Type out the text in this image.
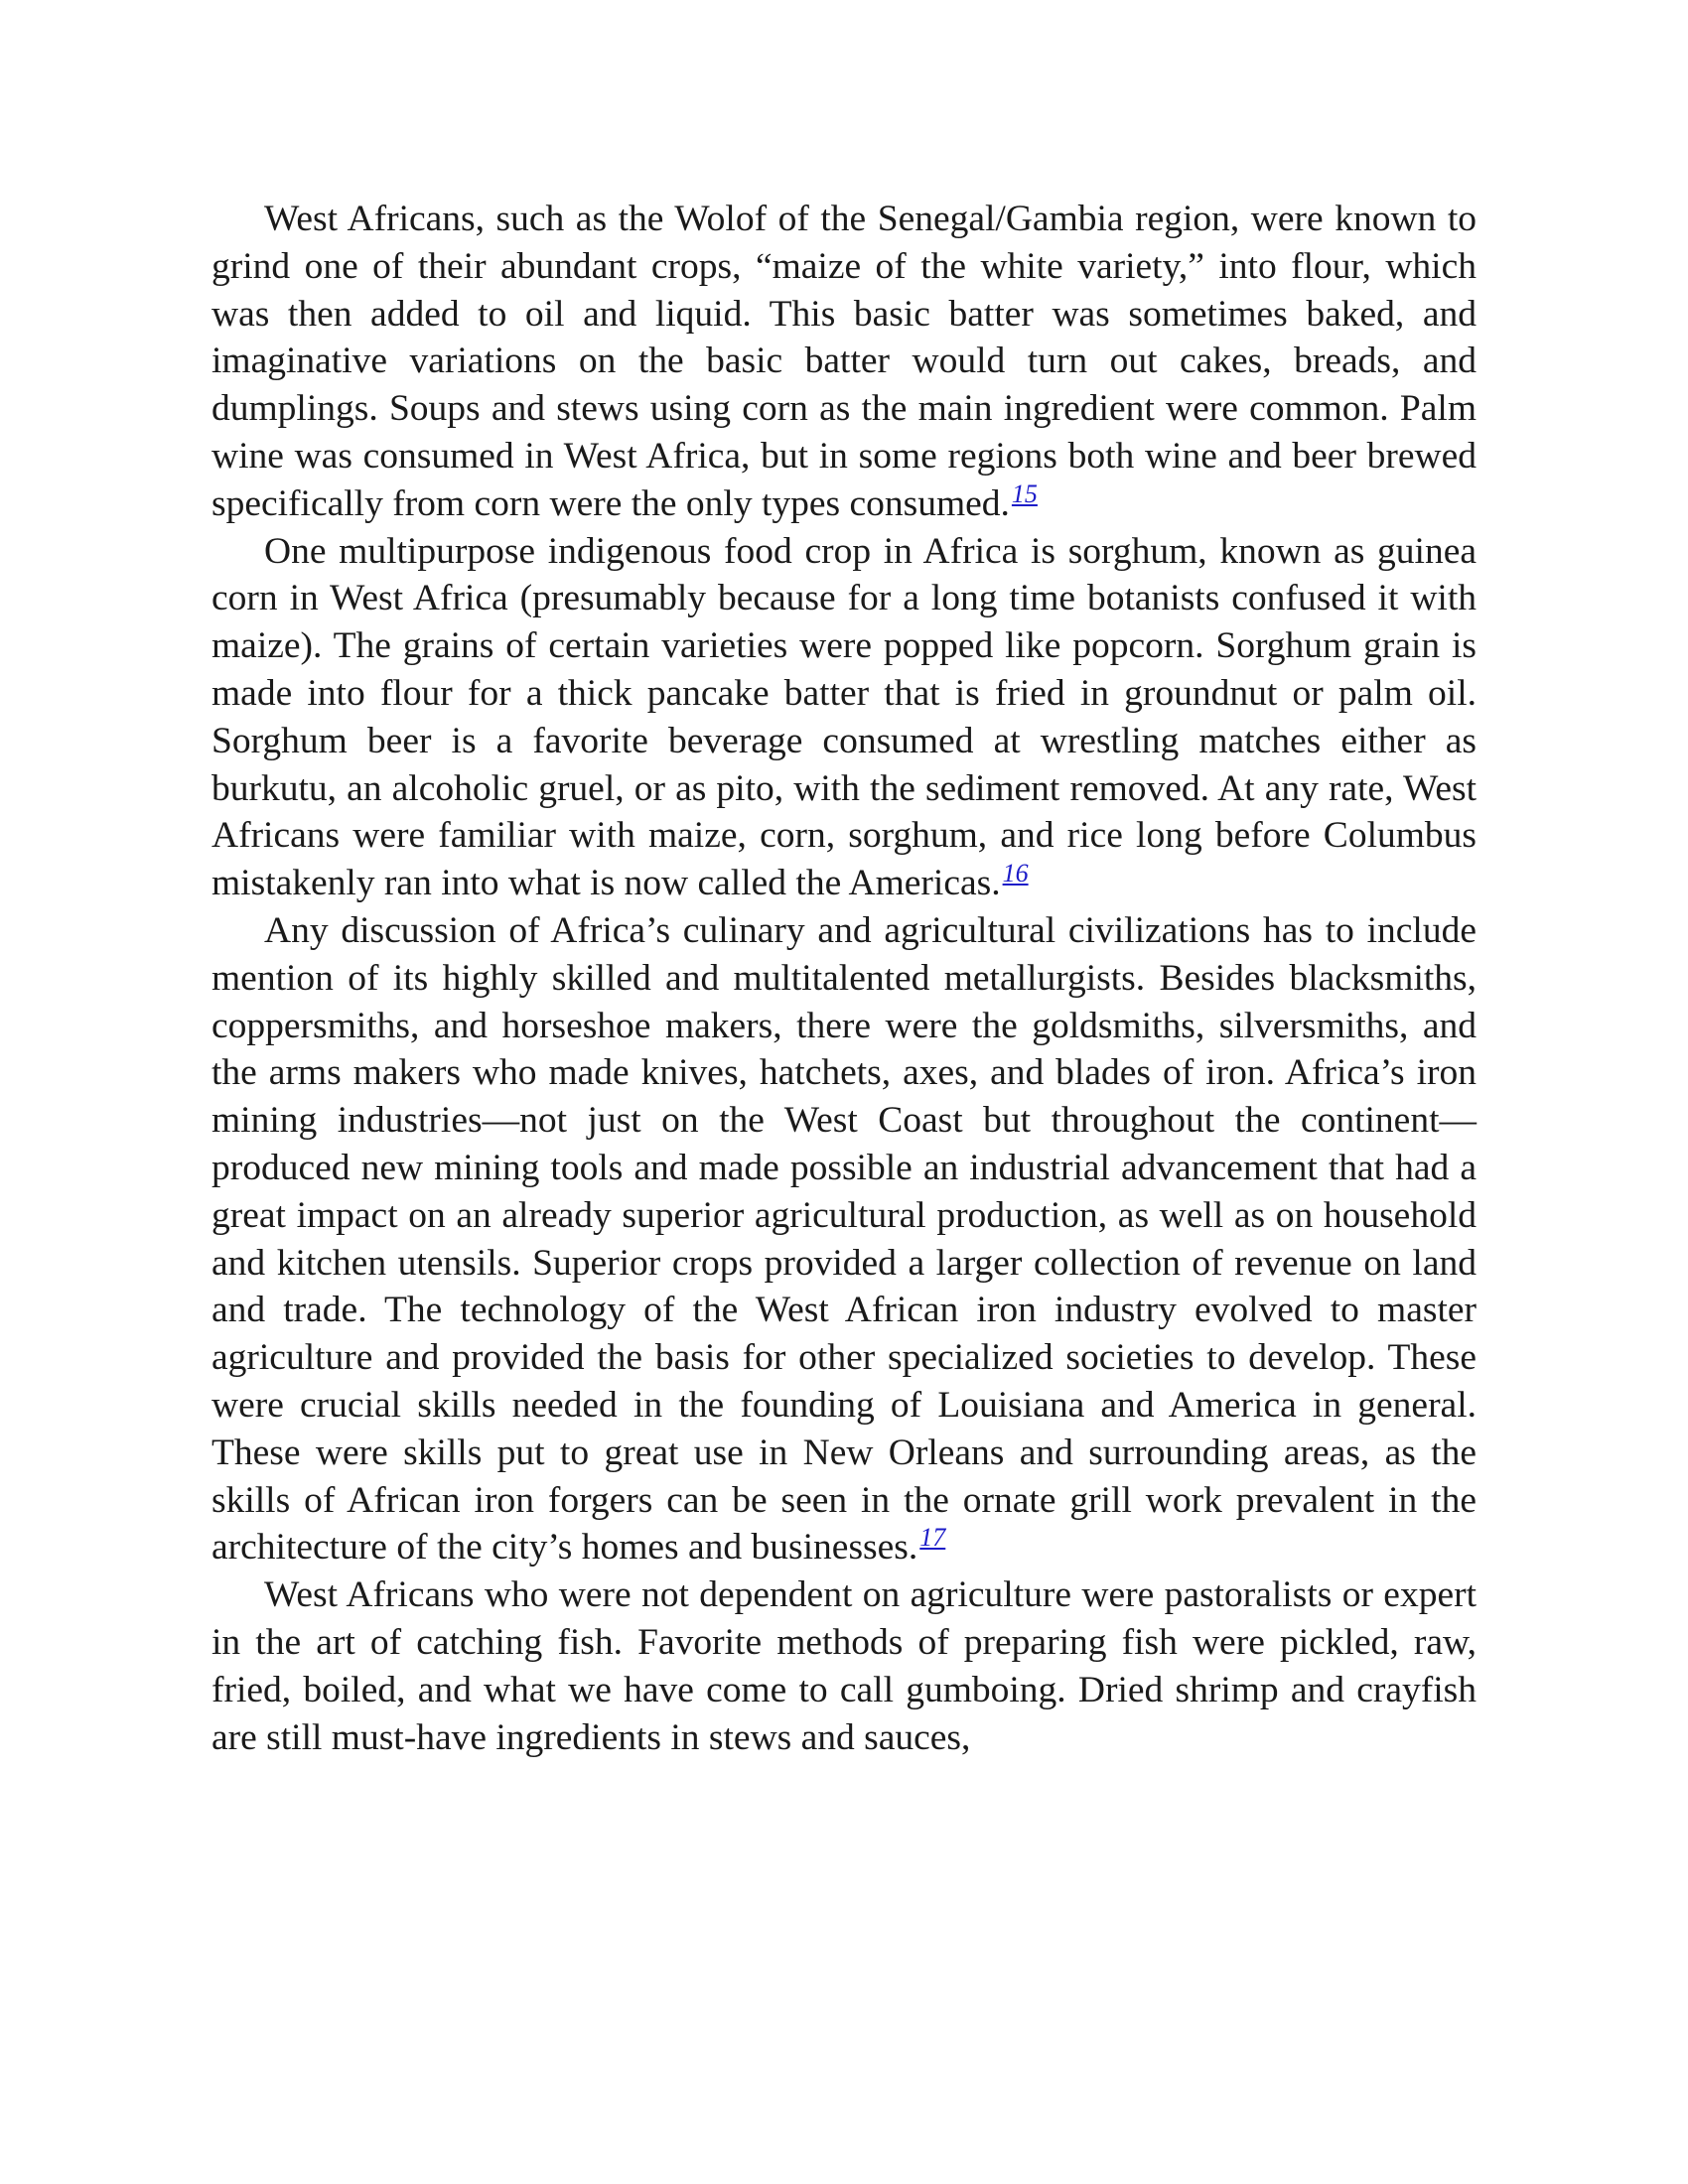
West Africans, such as the Wolof of the Senegal/Gambia region, were known to grind one of their abundant crops, “maize of the white variety,” into flour, which was then added to oil and liquid. This basic batter was sometimes baked, and imaginative variations on the basic batter would turn out cakes, breads, and dumplings. Soups and stews using corn as the main ingredient were common. Palm wine was consumed in West Africa, but in some regions both wine and beer brewed specifically from corn were the only types consumed.$^{15}$

One multipurpose indigenous food crop in Africa is sorghum, known as guinea corn in West Africa (presumably because for a long time botanists confused it with maize). The grains of certain varieties were popped like popcorn. Sorghum grain is made into flour for a thick pancake batter that is fried in groundnut or palm oil. Sorghum beer is a favorite beverage consumed at wrestling matches either as burkutu, an alcoholic gruel, or as pito, with the sediment removed. At any rate, West Africans were familiar with maize, corn, sorghum, and rice long before Columbus mistakenly ran into what is now called the Americas.$^{16}$

Any discussion of Africa’s culinary and agricultural civilizations has to include mention of its highly skilled and multitalented metallurgists. Besides blacksmiths, coppersmiths, and horseshoe makers, there were the goldsmiths, silversmiths, and the arms makers who made knives, hatchets, axes, and blades of iron. Africa’s iron mining industries—not just on the West Coast but throughout the continent—produced new mining tools and made possible an industrial advancement that had a great impact on an already superior agricultural production, as well as on household and kitchen utensils. Superior crops provided a larger collection of revenue on land and trade. The technology of the West African iron industry evolved to master agriculture and provided the basis for other specialized societies to develop. These were crucial skills needed in the founding of Louisiana and America in general. These were skills put to great use in New Orleans and surrounding areas, as the skills of African iron forgers can be seen in the ornate grill work prevalent in the architecture of the city’s homes and businesses.$^{17}$

West Africans who were not dependent on agriculture were pastoralists or expert in the art of catching fish. Favorite methods of preparing fish were pickled, raw, fried, boiled, and what we have come to call gumboing. Dried shrimp and crayfish are still must-have ingredients in stews and sauces,
